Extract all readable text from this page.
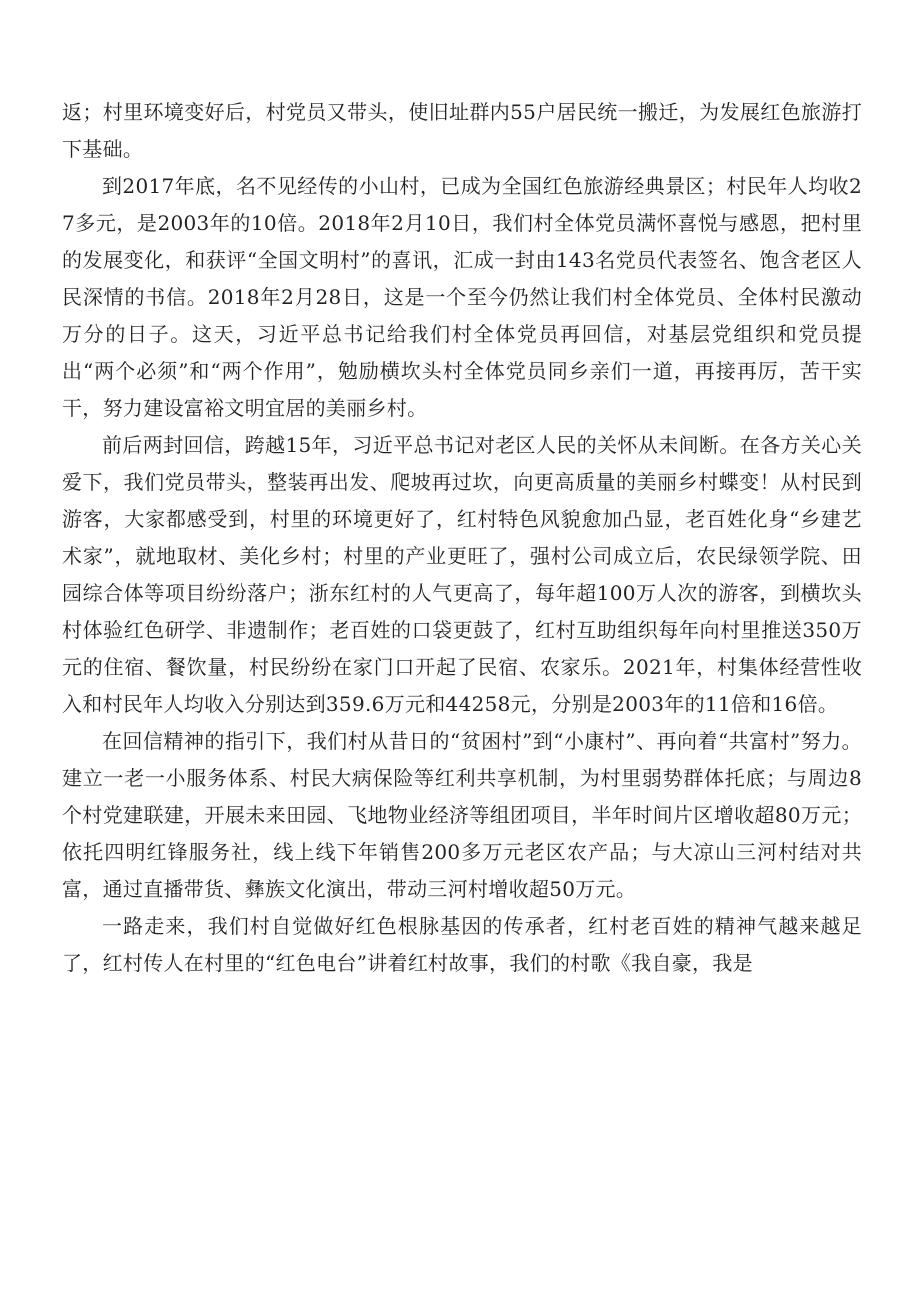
返；村里环境变好后，村党员又带头，使旧址群内55户居民统一搬迁，为发展红色旅游打下基础。

到2017年底，名不见经传的小山村，已成为全国红色旅游经典景区；村民年人均收27多元，是2003年的10倍。2018年2月10日，我们村全体党员满怀喜悦与感恩，把村里的发展变化，和获评“全国文明村”的喜讯，汇成一封由143名党员代表签名、饱含老区人民深情的书信。2018年2月28日，这是一个至今仍然让我们村全体党员、全体村民激动万分的日子。这天，习近平总书记给我们村全体党员再回信，对基层党组织和党员提出“两个必须”和“两个作用”，勉励横坎头村全体党员同乡亲们一道，再接再厉，苦干实干，努力建设富裕文明宜居的美丽乡村。

前后两封回信，跨越15年，习近平总书记对老区人民的关怀从未间断。在各方关心关爱下，我们党员带头，整装再出发、爬坡再过坎，向更高质量的美丽乡村蝶变！从村民到游客，大家都感受到，村里的环境更好了，红村特色风貌愈加凸显，老百姓化身“乡建艺术家”，就地取材、美化乡村；村里的产业更旺了，强村公司成立后，农民绿领学院、田园综合体等项目纷纷落户；浙东红村的人气更高了，每年超100万人次的游客，到横坎头村体验红色研学、非遗制作；老百姓的口袋更鼓了，红村互助组织每年向村里推送350万元的住宿、餐饮量，村民纷纷在家门口开起了民宿、农家乐。2021年，村集体经营性收入和村民年人均收入分别达到359.6万元和44258元，分别是2003年的11倍和16倍。

在回信精神的指引下，我们村从昔日的“贫困村”到“小康村”、再向着“共富村”努力。建立一老一小服务体系、村民大病保险等红利共享机制，为村里弱势群体托底；与周边8个村党建联建，开展未来田园、飞地物业经济等组团项目，半年时间片区增收超80万元；依托四明红锋服务社，线上线下年销售200多万元老区农产品；与大凉山三河村结对共富，通过直播带货、彝族文化演出，带动三河村增收超50万元。

一路走来，我们村自觉做好红色根脉基因的传承者，红村老百姓的精神气越来越足了，红村传人在村里的“红色电台”讲着红村故事，我们的村歌《我自豪，我是
